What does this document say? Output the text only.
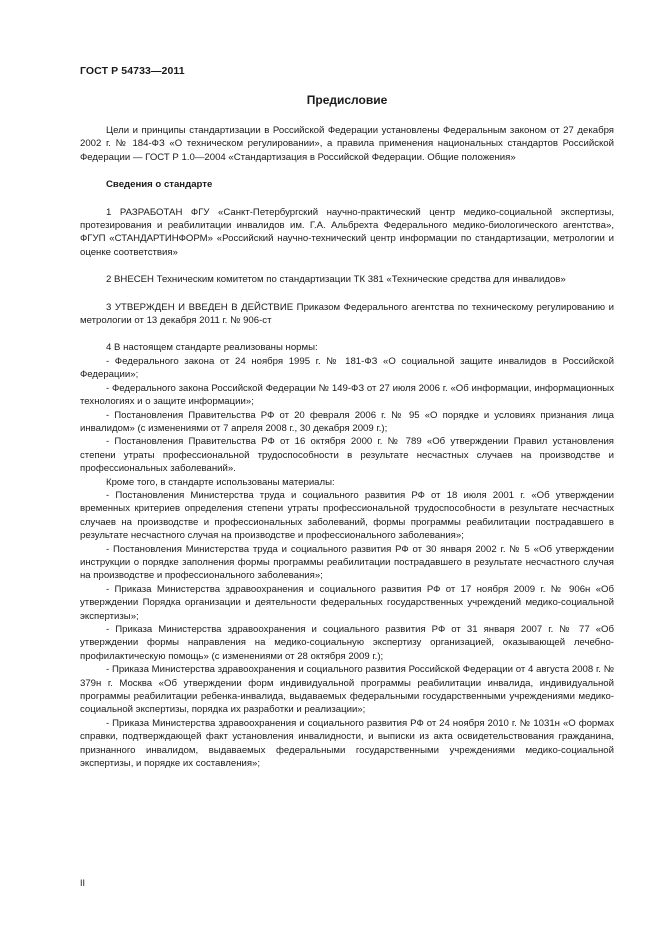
ГОСТ Р 54733—2011
Предисловие

Цели и принципы стандартизации в Российской Федерации установлены Федеральным законом от 27 декабря 2002 г. № 184-ФЗ «О техническом регулировании», а правила применения национальных стандартов Российской Федерации — ГОСТ Р 1.0—2004 «Стандартизация в Российской Федерации. Общие положения»

Сведения о стандарте

1 РАЗРАБОТАН ФГУ «Санкт-Петербургский научно-практический центр медико-социальной экспертизы, протезирования и реабилитации инвалидов им. Г.А. Альбрехта Федерального медико-биологического агентства», ФГУП «СТАНДАРТИНФОРМ» «Российский научно-технический центр информации по стандартизации, метрологии и оценке соответствия»

2 ВНЕСЕН Техническим комитетом по стандартизации ТК 381 «Технические средства для инвалидов»

3 УТВЕРЖДЕН И ВВЕДЕН В ДЕЙСТВИЕ Приказом Федерального агентства по техническому регулированию и метрологии от 13 декабря 2011 г. № 906-ст

4 В настоящем стандарте реализованы нормы:

- Федерального закона от 24 ноября 1995 г. № 181-ФЗ «О социальной защите инвалидов в Российской Федерации»;

- Федерального закона Российской Федерации № 149-ФЗ от 27 июля 2006 г. «Об информации, информационных технологиях и о защите информации»;

- Постановления Правительства РФ от 20 февраля 2006 г. № 95 «О порядке и условиях признания лица инвалидом» (с изменениями от 7 апреля 2008 г., 30 декабря 2009 г.);

- Постановления Правительства РФ от 16 октября 2000 г. № 789 «Об утверждении Правил установления степени утраты профессиональной трудоспособности в результате несчастных случаев на производстве и профессиональных заболеваний».

Кроме того, в стандарте использованы материалы:

- Постановления Министерства труда и социального развития РФ от 18 июля 2001 г. «Об утверждении временных критериев определения степени утраты профессиональной трудоспособности в результате несчастных случаев на производстве и профессиональных заболеваний, формы программы реабилитации пострадавшего в результате несчастного случая на производстве и профессионального заболевания»;

- Постановления Министерства труда и социального развития РФ от 30 января 2002 г. № 5 «Об утверждении инструкции о порядке заполнения формы программы реабилитации пострадавшего в результате несчастного случая на производстве и профессионального заболевания»;

- Приказа Министерства здравоохранения и социального развития РФ от 17 ноября 2009 г. № 906н «Об утверждении Порядка организации и деятельности федеральных государственных учреждений медико-социальной экспертизы»;

- Приказа Министерства здравоохранения и социального развития РФ от 31 января 2007 г. № 77 «Об утверждении формы направления на медико-социальную экспертизу организацией, оказывающей лечебно-профилактическую помощь» (с изменениями от 28 октября 2009 г.);

- Приказа Министерства здравоохранения и социального развития Российской Федерации от 4 августа 2008 г. № 379н г. Москва «Об утверждении форм индивидуальной программы реабилитации инвалида, индивидуальной программы реабилитации ребенка-инвалида, выдаваемых федеральными государственными учреждениями медико-социальной экспертизы, порядка их разработки и реализации»;

- Приказа Министерства здравоохранения и социального развития РФ от 24 ноября 2010 г. № 1031н «О формах справки, подтверждающей факт установления инвалидности, и выписки из акта освидетельствования гражданина, признанного инвалидом, выдаваемых федеральными государственными учреждениями медико-социальной экспертизы, и порядке их составления»;

II
